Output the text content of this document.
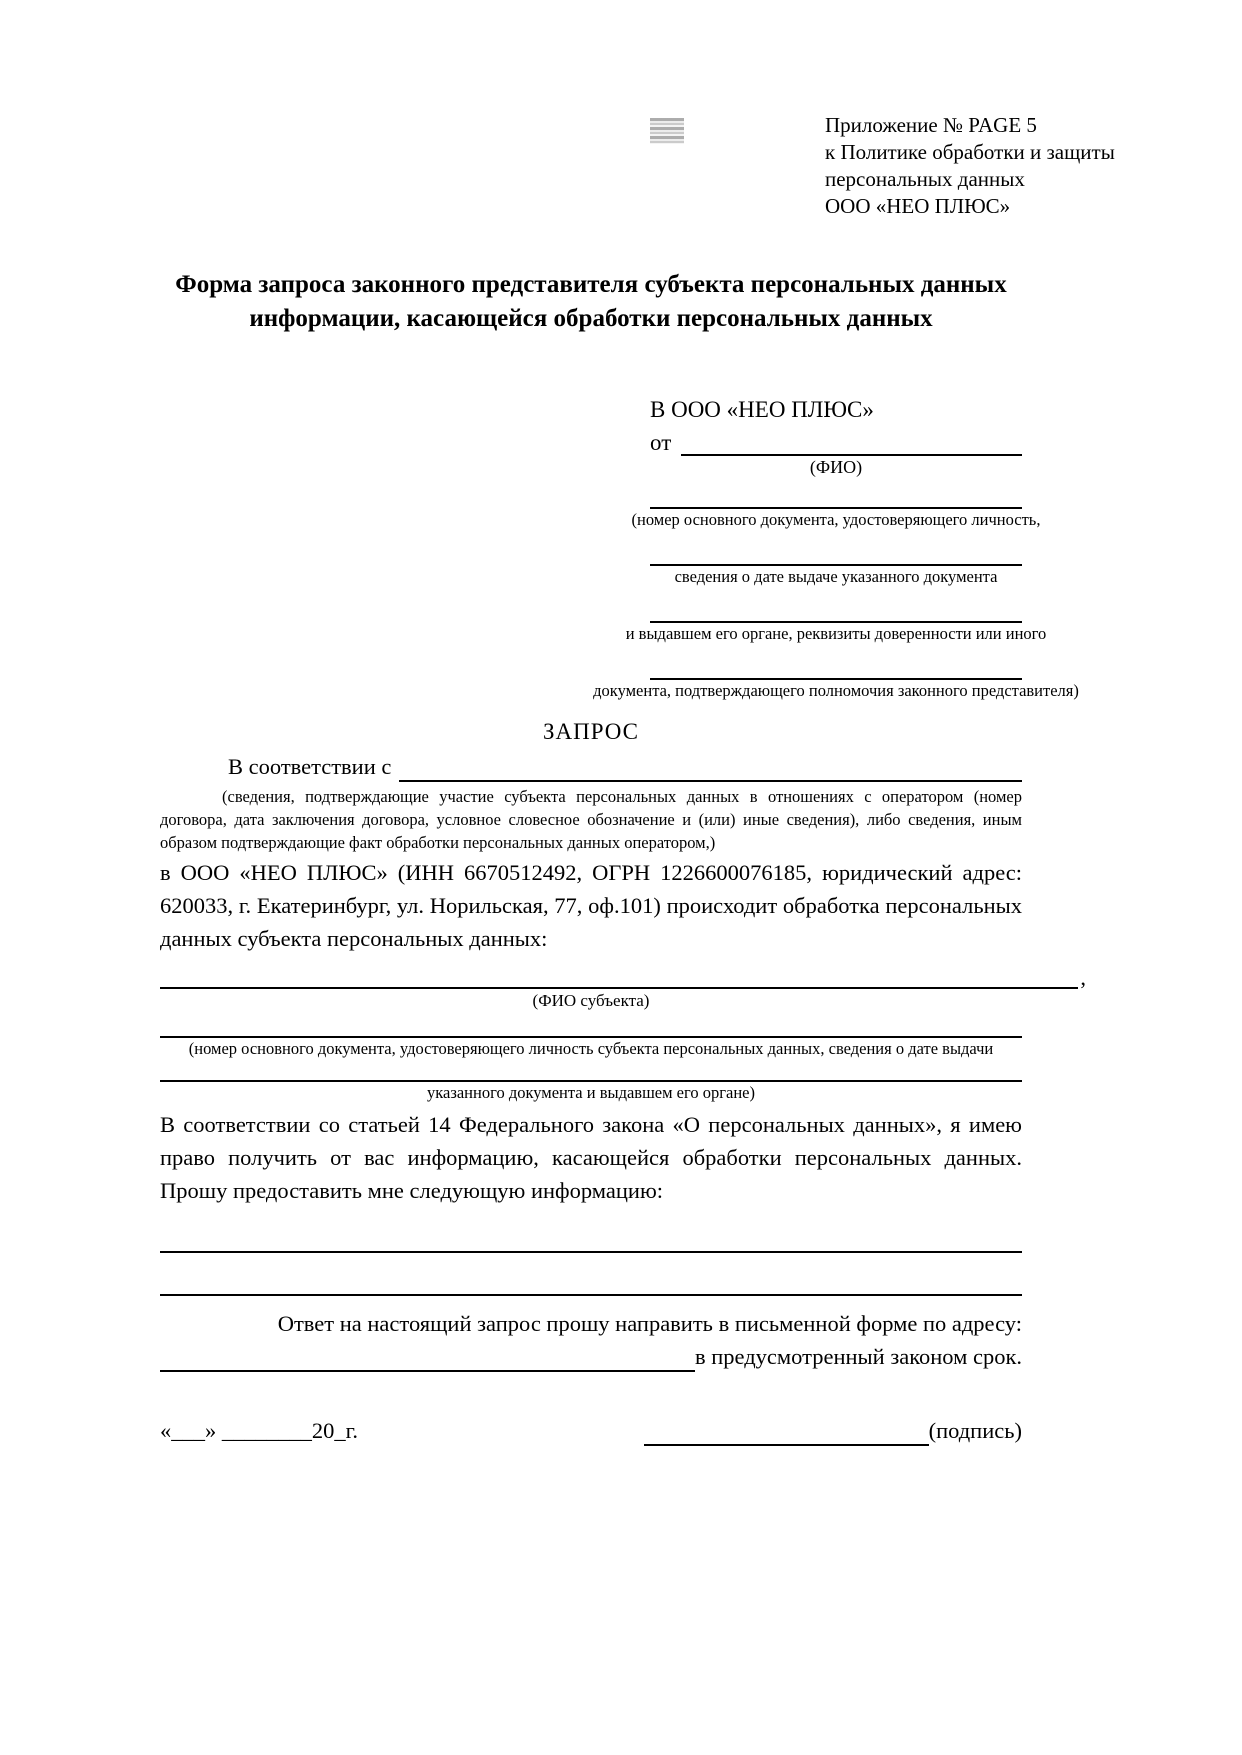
Приложение № PAGE 5
к Политике обработки и защиты
персональных данных
ООО «НЕО ПЛЮС»
Форма запроса законного представителя субъекта персональных данных
информации, касающейся обработки персональных данных
В ООО «НЕО ПЛЮС»
от
(ФИО)
(номер основного документа, удостоверяющего личность,
сведения о дате выдаче указанного документа
и выдавшем его органе, реквизиты доверенности или иного
документа, подтверждающего полномочия законного представителя)
ЗАПРОС
В соответствии с
(сведения, подтверждающие участие субъекта персональных данных в отношениях с оператором (номер договора, дата заключения договора, условное словесное обозначение и (или) иные сведения), либо сведения, иным образом подтверждающие факт обработки персональных данных оператором,)
в ООО «НЕО ПЛЮС» (ИНН 6670512492, ОГРН 1226600076185, юридический адрес: 620033, г. Екатеринбург, ул. Норильская, 77, оф.101) происходит обработка персональных данных субъекта персональных данных:
,
(ФИО субъекта)
(номер основного документа, удостоверяющего личность субъекта персональных данных, сведения о дате выдачи
указанного документа и выдавшем его органе)
В соответствии со статьей 14 Федерального закона «О персональных данных», я имею право получить от вас информацию, касающейся обработки персональных данных. Прошу предоставить мне следующую информацию:
Ответ на настоящий запрос прошу направить в письменной форме по адресу:
в предусмотренный законом срок.
«___» ________20_г.	(подпись)
